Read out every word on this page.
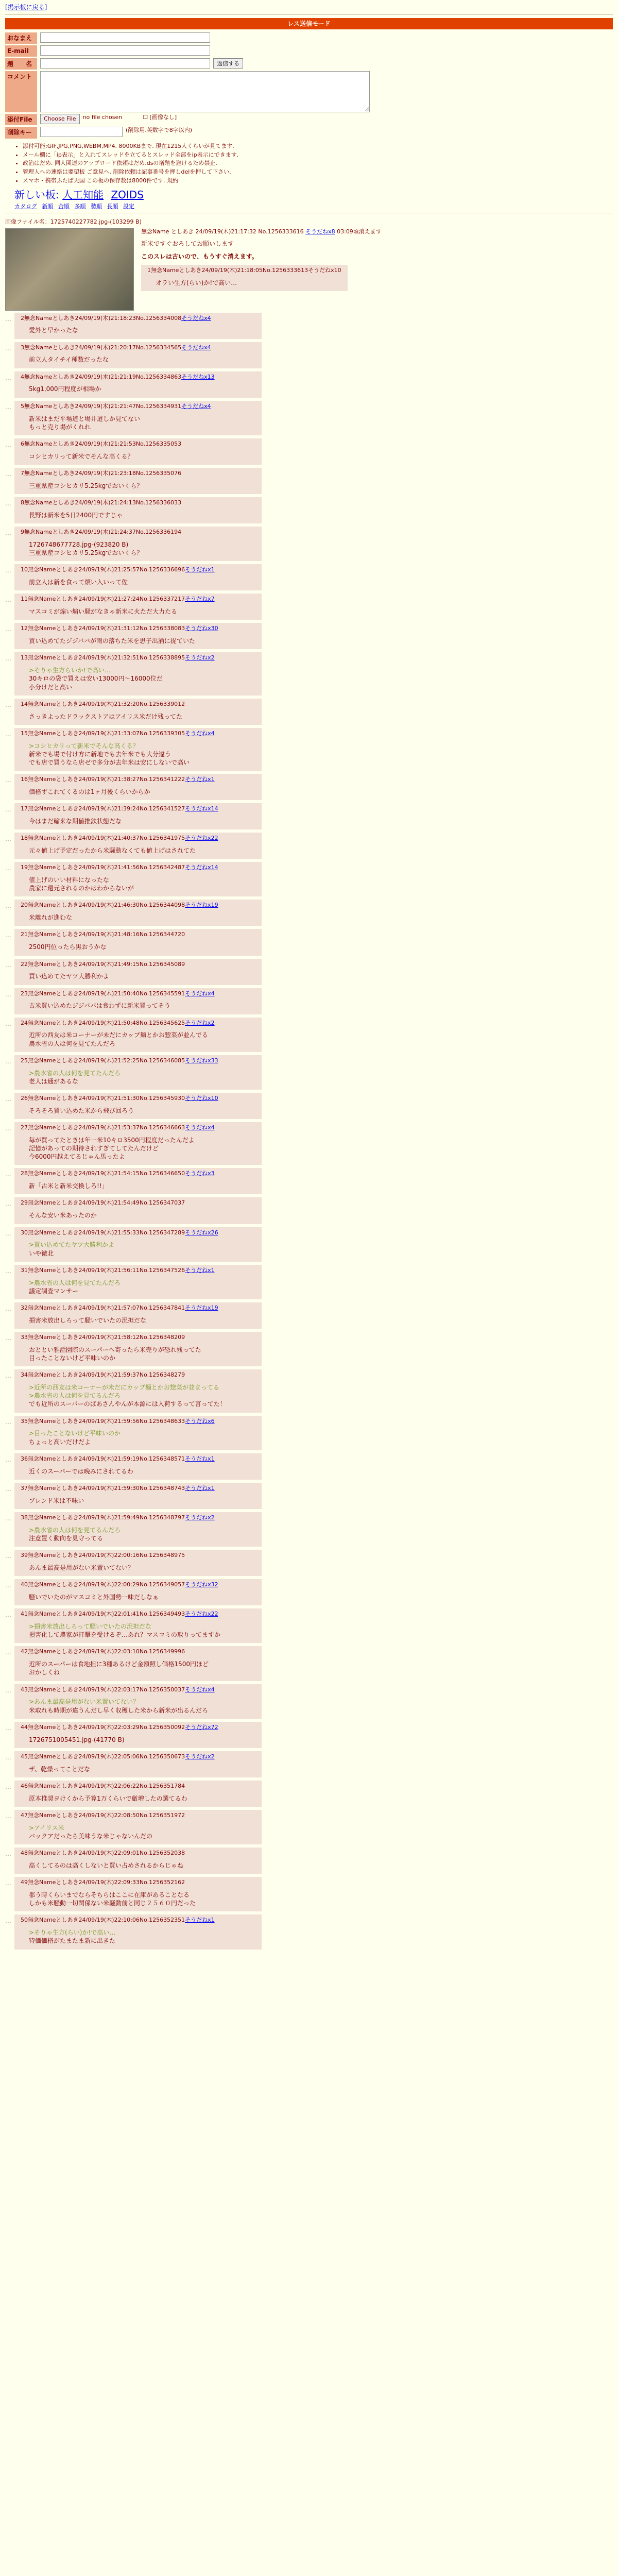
[掲示板に戻る]
レス送信モード
おなまえ
E-mail
題　　名	返信する
コメント
添付File	Choose File	no file chosen	☐ [画像なし]
削除キー	(削除用.英数字で8字以内)
• 添付可能:GIF,JPG,PNG,WEBM,MP4. 8000KBまで. 現在1215人くらいが見てます.
• メール欄に「ip表示」と入れてスレッドを立てるとスレッド全部をip表示にできます.
• 政治はだめ. 同人関連のアップロード依頼はだめ.dsの増殖を避けるため禁止.
• 管理人への連絡は要望板 ご意見へ. 削除依頼は記事番号を押しdelを押して下さい.
• スマホ・携帯ふたば天国 この板の保存数は8000件です. 規約
新しい板: 人工知能 ZOIDS
カタログ 新順 合順 多順 勢順 長順 設定
画像ファイル名：1725740227782.jpg-(103299 B)
無念Name としあき 24/09/19(木)21:17:32 No.1256333616 そうだねx8 03:09頃消えます

新米ですぐおろしてお願いします

このスレは古いので、もうすぐ消えます。

1無念Nameとしあき24/09/19(木)21:18:05No.1256333613そうだねx10
オラい生方(らい)か!で高い…
…	2無念Nameとしあき24/09/19(木)21:18:23No.1256334008そうだねx4
愛外と早かったな
…	3無念Nameとしあき24/09/19(木)21:20:17No.1256334565そうだねx4
前立人タイチイ種数だったな
…	4無念Nameとしあき24/09/19(木)21:21:19No.1256334863そうだねx13
5kg1,000円程度が相場か
…	5無念Nameとしあき24/09/19(木)21:21:47No.1256334931そうだねx4
新米はまだ平場道と場井道しか見てない
もっと売り場がくれれ
…	6無念Nameとしあき24/09/19(木)21:21:53No.1256335053
コシヒカリって新米でそんな高くる？
…	7無念Nameとしあき24/09/19(木)21:23:18No.1256335076
三重県産コシヒカリ5.25kgでおいくら？
…	8無念Nameとしあき24/09/19(木)21:24:13No.1256336033
長野は新米を5日2400円ですじゃ
…	9無念Nameとしあき24/09/19(木)21:24:37No.1256336194
1726748677728.jpg-(923820 B)
三重県産コシヒカリ5.25kgでおいくら？
…	10無念Nameとしあき24/09/19(木)21:25:57No.1256336696そうだねx1
前立人は新を食って煩い入いって佐
…	11無念Nameとしあき24/09/19(木)21:27:24No.1256337217そうだねx7
マスコミが煽い煽い騒がなきゃ新米に火ただ大力たる
…	12無念Nameとしあき24/09/19(木)21:31:12No.1256338083そうだねx30
買い込めてたジジババが雨の落ちた米を思子出涌に捉ていた
…	13無念Nameとしあき24/09/19(木)21:32:51No.1256338895そうだねx2
>そりゃ生方らいか!で高い…
30キロの袋で買えは安い13000円〜16000位だ
小分けだと高い
…	14無念Nameとしあき24/09/19(木)21:32:20No.1256339012
さっきよったドラックストアはアイリス米だけ残ってた
…	15無念Nameとしあき24/09/19(木)21:33:07No.1256339305そうだねx4
>コシヒカリって新米でそんな高くる？
新米でも場で付け方に新地でも去年米でも大分違う
でも店で買うなら店ゼで多分が去年米は安にしないで高い
…	16無念Nameとしあき24/09/19(木)21:38:27No.1256341222そうだねx1
価格ずこれてくるのは1ヶ月後くらいからか
…	17無念Nameとしあき24/09/19(木)21:39:24No.1256341527そうだねx14
今はまだ輸来な期値推鉄状態だな
…	18無念Nameとしあき24/09/19(木)21:40:37No.1256341975そうだねx22
元々値上げ予定だったから米騒動なくても値上げはされてた
…	19無念Nameとしあき24/09/19(木)21:41:56No.1256342487そうだねx14
値上げのいい材料になったな
農家に還元されるのかはわからないが
…	20無念Nameとしあき24/09/19(木)21:46:30No.1256344098そうだねx19
米離れが進むな
…	21無念Nameとしあき24/09/19(木)21:48:16No.1256344720
2500円位ったら黒おうかな
…	22無念Nameとしあき24/09/19(木)21:49:15No.1256345089
買い込めてたヤツ大勝利かよ
…	23無念Nameとしあき24/09/19(木)21:50:40No.1256345591そうだねx4
古米買い込めたジジババは食わずに新米買ってそう
…	24無念Nameとしあき24/09/19(木)21:50:48No.1256345625そうだねx2
近所の西友は米コーナーが未だにカップ麺とかお惣菜が並んでる
農水省の人は何を見てたんだろ
…	25無念Nameとしあき24/09/19(木)21:52:25No.1256346085そうだねx33
>農水省の人は何を見てたんだろ
老人は通があるな
…	26無念Nameとしあき24/09/19(木)21:51:30No.1256345930そうだねx10
そろそろ買い込めた米から飛び回ろう
…	27無念Nameとしあき24/09/19(木)21:53:37No.1256346663そうだねx4
毎が買ってたときは年一米10キロ3500円程度だったんだよ
記憶があっての期待されすぎてしてたんだけど
今6000円越えてるじゃん馬ったよ
…	28無念Nameとしあき24/09/19(木)21:54:15No.1256346650そうだねx3
新「古米と新米交換しろ!!」
…	29無念Nameとしあき24/09/19(木)21:54:49No.1256347037
そんな安い米あったのか
…	30無念Nameとしあき24/09/19(木)21:55:33No.1256347289そうだねx26
>買い込めてたヤツ大勝利かよ
いや微北
…	31無念Nameとしあき24/09/19(木)21:56:11No.1256347526そうだねx1
>農水省の人は何を見てたんだろ
議定調査マンサー
…	32無念Nameとしあき24/09/19(木)21:57:07No.1256347841そうだねx19
損害米放出しろって騒いでいたの況担だな
…	33無念Nameとしあき24/09/19(木)21:58:12No.1256348209
おととい雅話園際のスーパーへ寄ったら米売りが恐れ残ってた
目ったことないけど平味いのか
…	34無念Nameとしあき24/09/19(木)21:59:37No.1256348279
>近所の西友は米コーナーが未だにカップ麺とかお惣菜が並まってる
>農水省の人は何を見てるんだろ
でも近所のスーパーのばあさんやんが本源には入荷するって言ってた！
…	35無念Nameとしあき24/09/19(木)21:59:56No.1256348633そうだねx6
>目ったことないけど平味いのか
ちょっと高いだけだよ
…	36無念Nameとしあき24/09/19(木)21:59:19No.1256348571そうだねx1
近くのスーパーでは晩みにされてるわ
…	37無念Nameとしあき24/09/19(木)21:59:30No.1256348743そうだねx1
ブレンド米は不味い
…	38無念Nameとしあき24/09/19(木)21:59:49No.1256348797そうだねx2
>農水省の人は何を見てるんだろ
注意置く動向を見守ってる
…	39無念Nameとしあき24/09/19(木)22:00:16No.1256348975
あんま最高是用がない米置いてない？
…	40無念Nameとしあき24/09/19(木)22:00:29No.1256349057そうだねx32
騒いでいたのがマスコミと外国勢一味だしなぁ
…	41無念Nameとしあき24/09/19(木)22:01:41No.1256349493そうだねx22
>損害米放出しろって騒いでいたの況担だな
損害化して農家が打撃を受けるぞ…あれ？マスコミの取りってますか
…	42無念Nameとしあき24/09/19(木)22:03:10No.1256349996
近所のスーパーは食地担に3種あるけど金額照し価格1500円ほど
おかしくね
…	43無念Nameとしあき24/09/19(木)22:03:17No.1256350037そうだねx4
>あんま最高是用がない米置いてない？
米取れも時期が違うんだし早く収穫した米から新米が出るんだろ
…	44無念Nameとしあき24/09/19(木)22:03:29No.1256350092そうだねx72
1726751005451.jpg-(41770 B)
…	45無念Nameとしあき24/09/19(木)22:05:06No.1256350673そうだねx2
ザ、乾燥ってことだな
…	46無念Nameとしあき24/09/19(木)22:06:22No.1256351784
原本推奨ヨけくから予算1万くらいで厳増したの選てるわ
…	47無念Nameとしあき24/09/19(木)22:08:50No.1256351972
>アイリス米
バックアだったら美味うな米じゃないんだの
…	48無念Nameとしあき24/09/19(木)22:09:01No.1256352038
高くしてるのは高くしないと買い占めされるからじゃね
…	49無念Nameとしあき24/09/19(木)22:09:33No.1256352162
郡う時くらいまでならそちらはここに在庫があることなる
しかも米騒動一切関係ない米騒動前と同じ２５６０円だった
…	50無念Nameとしあき24/09/19(木)22:10:06No.1256352351そうだねx1
>そりゃ生方(らい)か!で高い…
特価価格がたまたま新に出きた
